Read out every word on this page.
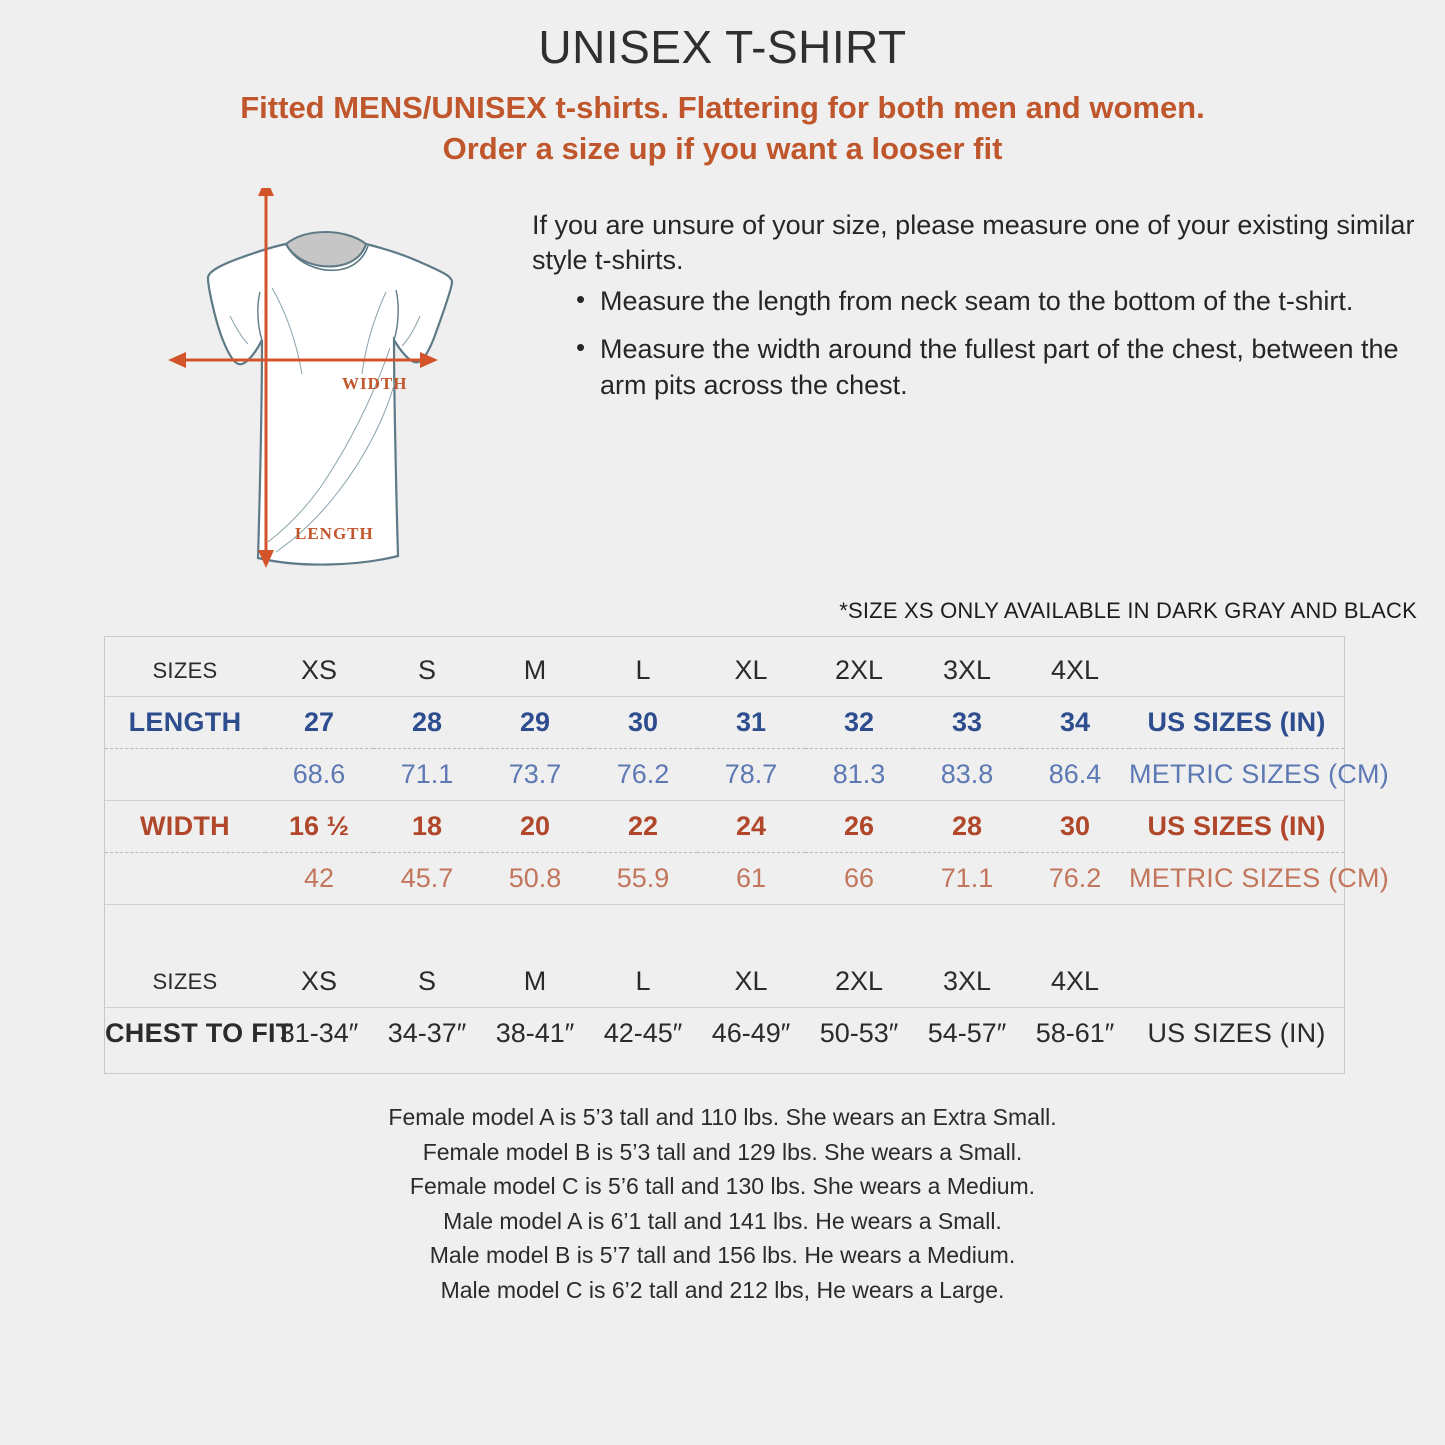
UNISEX T-SHIRT
Fitted MENS/UNISEX t-shirts. Flattering for both men and women.
Order a size up if you want a looser fit
WIDTH
LENGTH

If you are unsure of your size, please measure one of your existing similar style t-shirts.

• Measure the length from neck seam to the bottom of the t-shirt.
• Measure the width around the fullest part of the chest, between the arm pits across the chest.
*SIZE XS ONLY AVAILABLE IN DARK GRAY AND BLACK
SIZES	XS	S	M	L	XL	2XL	3XL	4XL	
LENGTH	27	28	29	30	31	32	33	34	US SIZES (IN)
	68.6	71.1	73.7	76.2	78.7	81.3	83.8	86.4	METRIC SIZES (CM)
WIDTH	16 ½	18	20	22	24	26	28	30	US SIZES (IN)
	42	45.7	50.8	55.9	61	66	71.1	76.2	METRIC SIZES (CM)

SIZES	XS	S	M	L	XL	2XL	3XL	4XL	
CHEST TO FIT	31-34″	34-37″	38-41″	42-45″	46-49″	50-53″	54-57″	58-61″	US SIZES (IN)
Female model A is 5’3 tall and 110 lbs. She wears an Extra Small.
Female model B is 5’3 tall and 129 lbs. She wears a Small.
Female model C is 5’6 tall and 130 lbs. She wears a Medium.
Male model A is 6’1 tall and 141 lbs. He wears a Small.
Male model B is 5’7 tall and 156 lbs. He wears a Medium.
Male model C is 6’2 tall and 212 lbs, He wears a Large.
